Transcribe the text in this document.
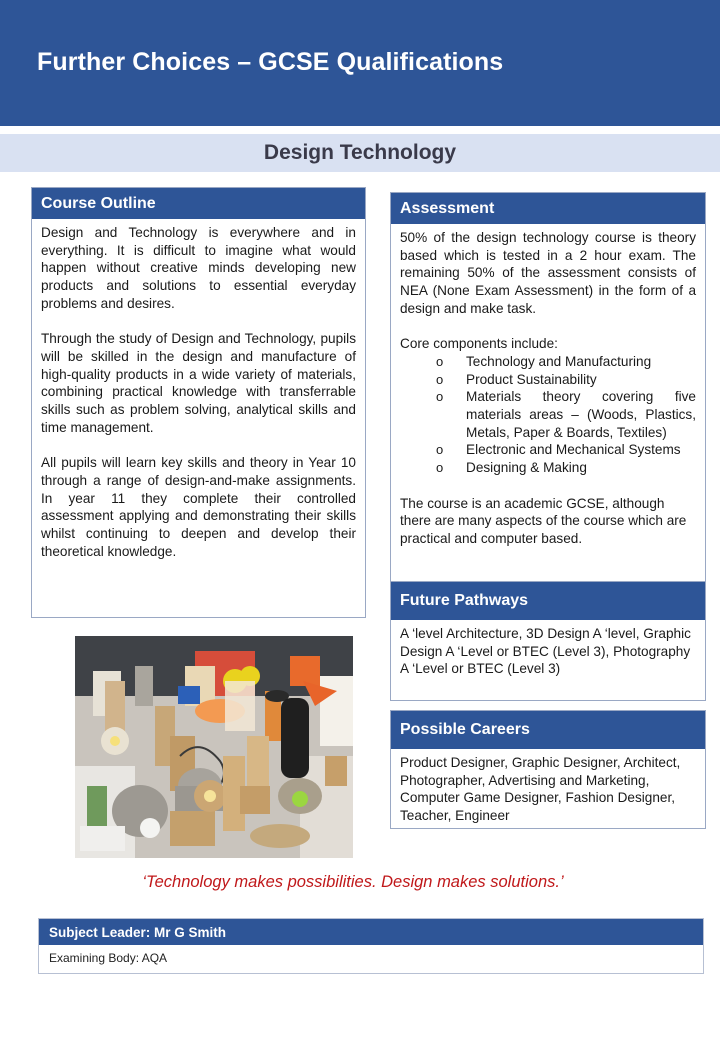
Further Choices – GCSE Qualifications
Design Technology
Course Outline

Design and Technology is everywhere and in everything. It is difficult to imagine what would happen without creative minds developing new products and solutions to essential everyday problems and desires.

Through the study of Design and Technology, pupils will be skilled in the design and manufacture of high-quality products in a wide variety of materials, combining practical knowledge with transferrable skills such as problem solving, analytical skills and time management.

All pupils will learn key skills and theory in Year 10 through a range of design-and-make assignments. In year 11 they complete their controlled assessment applying and demonstrating their skills whilst continuing to deepen and develop their theoretical knowledge.

Assessment

50% of the design technology course is theory based which is tested in a 2 hour exam. The remaining 50% of the assessment consists of NEA (None Exam Assessment) in the form of a design and make task.

Core components include:

o Technology and Manufacturing
o Product Sustainability
o Materials theory covering five materials areas – (Woods, Plastics, Metals, Paper & Boards, Textiles)
o Electronic and Mechanical Systems
o Designing & Making

The course is an academic GCSE, although there are many aspects of the course which are practical and computer based.

Future Pathways
A ‘level Architecture, 3D Design A ‘level, Graphic Design A ‘Level or BTEC (Level 3), Photography A ‘Level or BTEC (Level 3)
Possible Careers
Product Designer, Graphic Designer, Architect, Photographer, Advertising and Marketing, Computer Game Designer, Fashion Designer, Teacher, Engineer
‘Technology makes possibilities. Design makes solutions.’
Subject Leader: Mr G Smith
Examining Body: AQA
